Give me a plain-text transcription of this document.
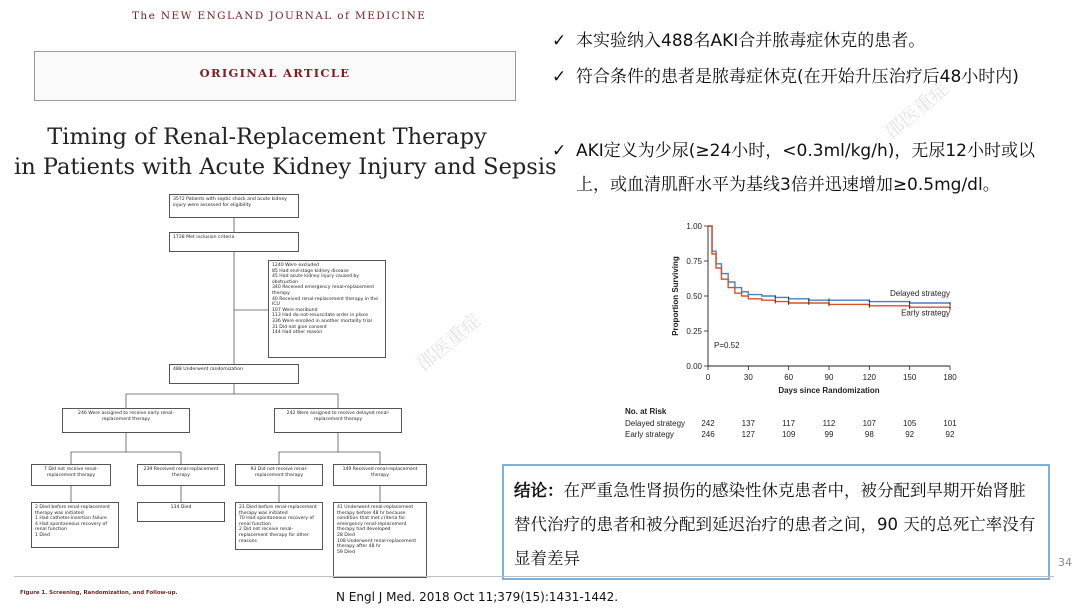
The NEW ENGLAND JOURNAL of MEDICINE
ORIGINAL ARTICLE
Timing of Renal-Replacement Therapy
in Patients with Acute Kidney Injury and Sepsis
3572 Patients with septic shock and acute kidney injury were assessed for eligibility
1728 Met inclusion criteria
1240 Were excluded
85 Had end-stage kidney disease
45 Had acute kidney injury caused by obstruction
340 Received emergency renal-replacement therapy
40 Received renal-replacement therapy in the ICU
107 Were moribund
113 Had do-not-resuscitate order in place
336 Were enrolled in another mortality trial
31 Did not give consent
144 Had other reason
488 Underwent randomization
246 Were assigned to receive early renal-replacement therapy
242 Were assigned to receive delayed renal-replacement therapy
7 Did not receive renal-replacement therapy
239 Received renal-replacement therapy
93 Did not receive renal-replacement therapy
149 Received renal-replacement therapy
2 Died before renal-replacement therapy was initiated
1 Had catheter-insertion failure
4 Had spontaneous recovery of renal function
1 Died
134 Died	21 Died before renal-replacement therapy was initiated
70 Had spontaneous recovery of renal function
2 Did not receive renal-replacement therapy for other reasons
41 Underwent renal-replacement therapy before 48 hr because condition that met criteria for emergency renal-replacement therapy had developed
28 Died
108 Underwent renal-replacement therapy after 48 hr
59 Died
Figure 1. Screening, Randomization, and Follow-up.
✓ 本实验纳入488名AKI合并脓毒症休克的患者。
✓ 符合条件的患者是脓毒症休克(在开始升压治疗后48小时内)
✓ AKI定义为少尿(≥24小时，<0.3ml/kg/h)，无尿12小时或以上，或血清肌酐水平为基线3倍并迅速增加≥0.5mg/dl。
0.00
0.25
0.50
0.75
1.00
0	30	60	90	120	150	180
Days since Randomization
Proportion Surviving	Delayed strategy
Early strategy
P=0.52
No. at Risk
Delayed strategy 242	137	117	112	107	105	101
Early strategy	246	127	109	99	98	92	92
结论：在严重急性肾损伤的感染性休克患者中，被分配到早期开始肾脏替代治疗的患者和被分配到延迟治疗的患者之间，90 天的总死亡率没有显着差异	34
N Engl J Med. 2018 Oct 11;379(15):1431-1442.
邵医重症
邵医重症
